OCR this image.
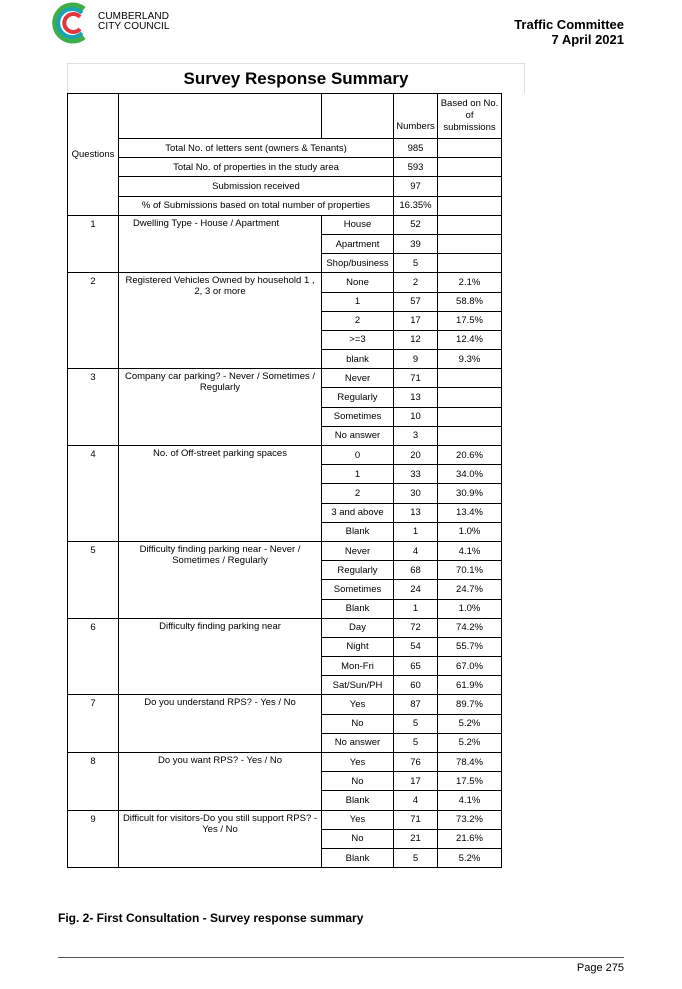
CUMBERLAND
CITY COUNCIL	Traffic Committee
7 April 2021
Survey Response Summary
Questions			Numbers	Based on No. of submissions
	Total No. of letters sent (owners & Tenants)		985	
	Total No. of properties in the study area		593	
	Submission received		97	
	% of Submissions based on total number of properties		16.35%	
1	Dwelling Type - House / Apartment	House	52	
		Apartment	39	
		Shop/business	5	
2	Registered Vehicles Owned by household 1 , 2, 3 or more	None	2	2.1%
		1	57	58.8%
		2	17	17.5%
		>=3	12	12.4%
		blank	9	9.3%
3	Company car parking? - Never / Sometimes / Regularly	Never	71	
		Regularly	13	
		Sometimes	10	
		No answer	3	
4	No. of Off-street parking spaces	0	20	20.6%
		1	33	34.0%
		2	30	30.9%
		3 and above	13	13.4%
		Blank	1	1.0%
5	Difficulty finding parking near - Never / Sometimes / Regularly	Never	4	4.1%
		Regularly	68	70.1%
		Sometimes	24	24.7%
		Blank	1	1.0%
6	Difficulty finding parking near	Day	72	74.2%
		Night	54	55.7%
		Mon-Fri	65	67.0%
		Sat/Sun/PH	60	61.9%
7	Do you understand RPS? - Yes / No	Yes	87	89.7%
		No	5	5.2%
		No answer	5	5.2%
8	Do you want RPS? - Yes / No	Yes	76	78.4%
		No	17	17.5%
		Blank	4	4.1%
9	Difficult for visitors-Do you still support RPS? - Yes / No	Yes	71	73.2%
		No	21	21.6%
		Blank	5	5.2%
Fig. 2- First Consultation - Survey response summary
Page 275
